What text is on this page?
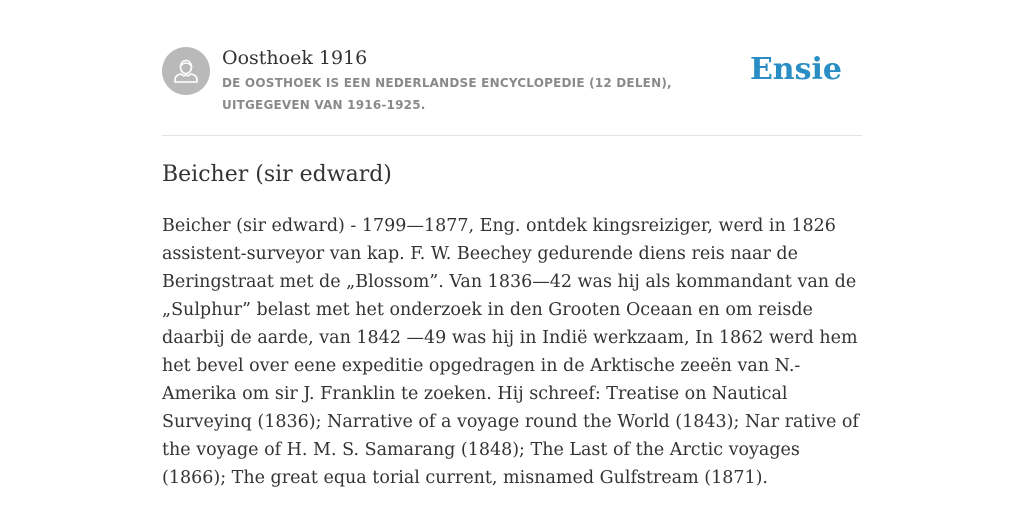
Oosthoek 1916
DE OOSTHOEK IS EEN NEDERLANDSE ENCYCLOPEDIE (12 DELEN), UITGEGEVEN VAN 1916-1925.
Ensie
Beicher (sir edward)

Beicher (sir edward) - 1799—1877, Eng. ontdek kingsreiziger, werd in 1826 assistent-surveyor van kap. F. W. Beechey gedurende diens reis naar de Beringstraat met de „Blossom”. Van 1836—42 was hij als kommandant van de „Sulphur” belast met het onderzoek in den Grooten Oceaan en om reisde daarbij de aarde, van 1842 —49 was hij in Indië werkzaam, In 1862 werd hem het bevel over eene expeditie opgedragen in de Arktische zeeën van N.-Amerika om sir J. Franklin te zoeken. Hij schreef: Treatise on Nautical Surveyinq (1836); Narrative of a voyage round the World (1843); Nar rative of the voyage of H. M. S. Samarang (1848); The Last of the Arctic voyages (1866); The great equa torial current, misnamed Gulfstream (1871).
